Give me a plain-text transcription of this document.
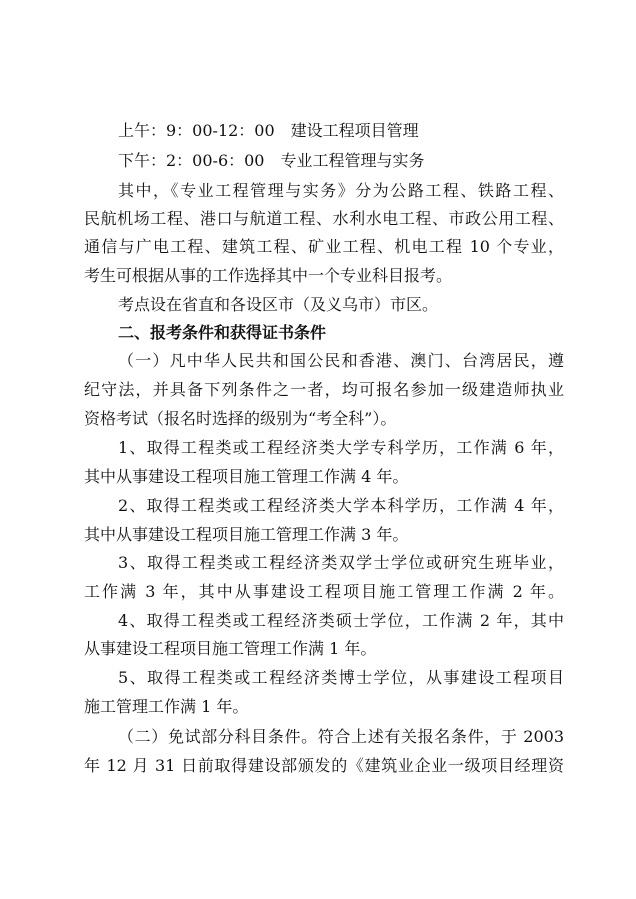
上午：9：00-12：00　建设工程项目管理
下午：2：00-6：00　专业工程管理与实务
其中，《专业工程管理与实务》分为公路工程、铁路工程、
民航机场工程、港口与航道工程、水利水电工程、市政公用工程、
通信与广电工程、建筑工程、矿业工程、机电工程 10 个专业，
考生可根据从事的工作选择其中一个专业科目报考。
考点设在省直和各设区市（及义乌市）市区。
二、报考条件和获得证书条件
（一）凡中华人民共和国公民和香港、澳门、台湾居民，遵
纪守法，并具备下列条件之一者，均可报名参加一级建造师执业
资格考试（报名时选择的级别为“考全科”）。
1、取得工程类或工程经济类大学专科学历，工作满 6 年，
其中从事建设工程项目施工管理工作满 4 年。
2、取得工程类或工程经济类大学本科学历，工作满 4 年，
其中从事建设工程项目施工管理工作满 3 年。
3、取得工程类或工程经济类双学士学位或研究生班毕业，
工作满 3 年，其中从事建设工程项目施工管理工作满 2 年。
4、取得工程类或工程经济类硕士学位，工作满 2 年，其中
从事建设工程项目施工管理工作满 1 年。
5、取得工程类或工程经济类博士学位，从事建设工程项目
施工管理工作满 1 年。
（二）免试部分科目条件。符合上述有关报名条件，于 2003
年 12 月 31 日前取得建设部颁发的《建筑业企业一级项目经理资
